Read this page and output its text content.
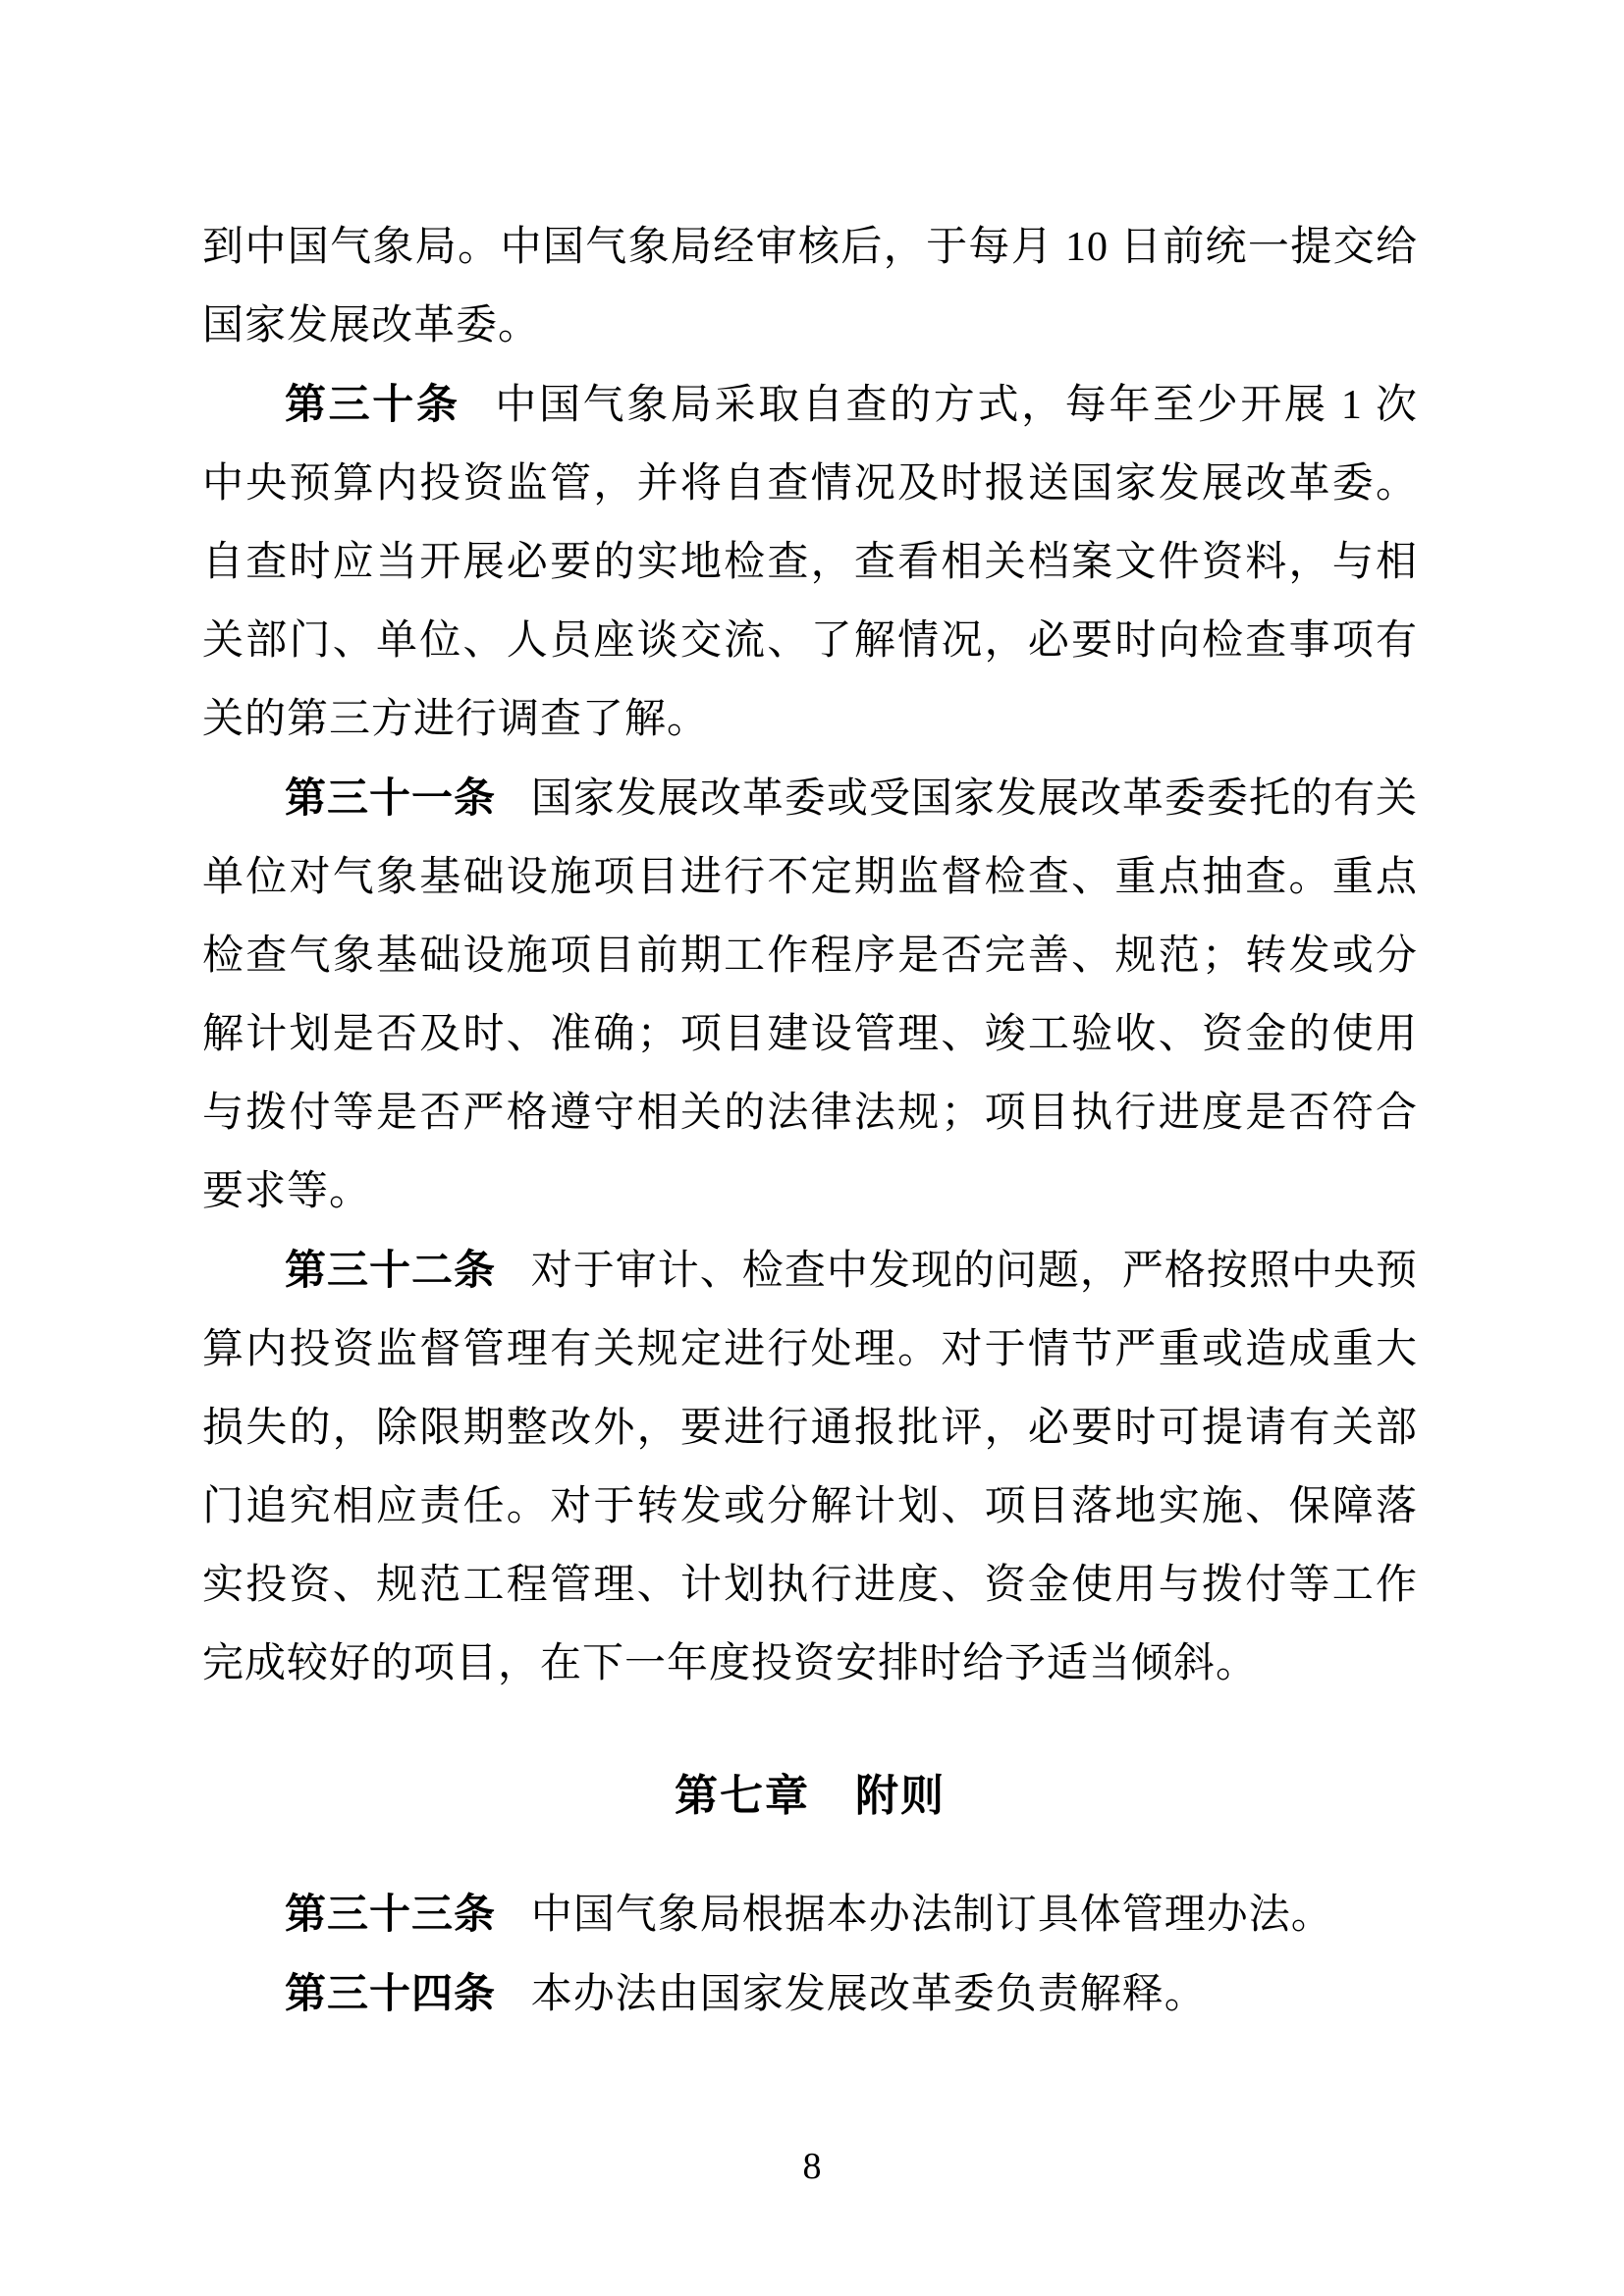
到中国气象局。中国气象局经审核后，于每月 10 日前统一提交给国家发展改革委。

第三十条 中国气象局采取自查的方式，每年至少开展 1 次中央预算内投资监管，并将自查情况及时报送国家发展改革委。自查时应当开展必要的实地检查，查看相关档案文件资料，与相关部门、单位、人员座谈交流、了解情况，必要时向检查事项有关的第三方进行调查了解。

第三十一条 国家发展改革委或受国家发展改革委委托的有关单位对气象基础设施项目进行不定期监督检查、重点抽查。重点检查气象基础设施项目前期工作程序是否完善、规范；转发或分解计划是否及时、准确；项目建设管理、竣工验收、资金的使用与拨付等是否严格遵守相关的法律法规；项目执行进度是否符合要求等。

第三十二条 对于审计、检查中发现的问题，严格按照中央预算内投资监督管理有关规定进行处理。对于情节严重或造成重大损失的，除限期整改外，要进行通报批评，必要时可提请有关部门追究相应责任。对于转发或分解计划、项目落地实施、保障落实投资、规范工程管理、计划执行进度、资金使用与拨付等工作完成较好的项目，在下一年度投资安排时给予适当倾斜。

第七章　附则

第三十三条 中国气象局根据本办法制订具体管理办法。

第三十四条 本办法由国家发展改革委负责解释。

8
